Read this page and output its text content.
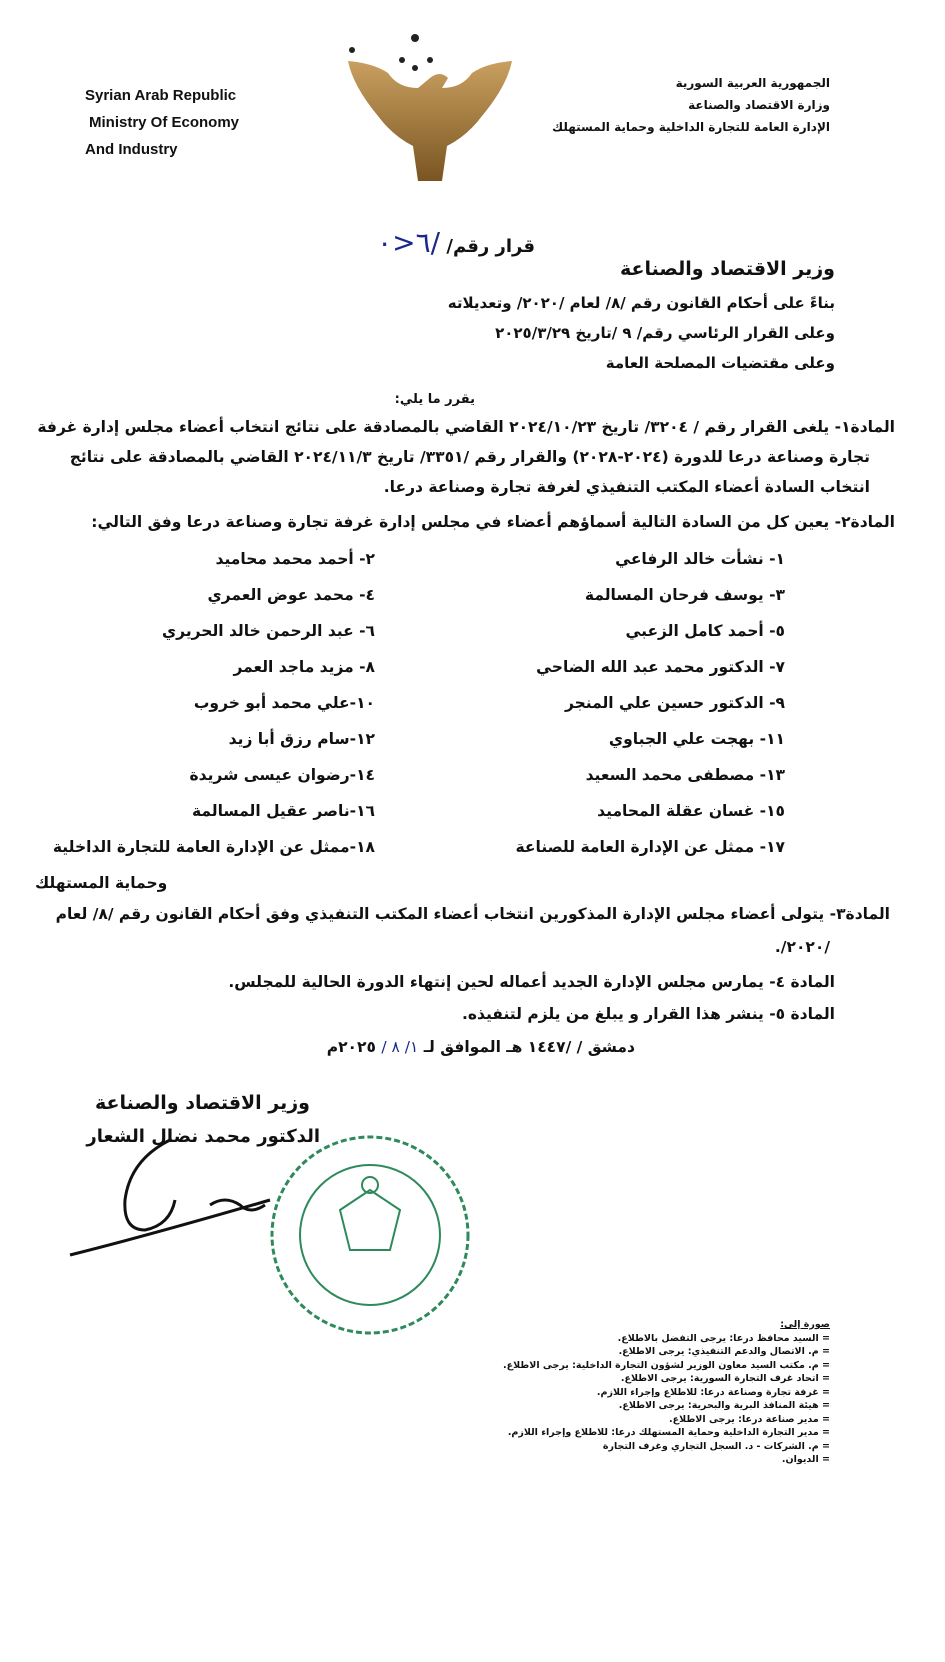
Syrian Arab Republic
Ministry Of Economy
And Industry
الجمهورية العربية السورية
وزارة الاقتصاد والصناعة
الإدارة العامة للتجارة الداخلية وحماية المستهلك
قرار رقم/ /٦<٠
وزير الاقتصاد والصناعة
بناءً على أحكام القانون رقم /٨/ لعام /٢٠٢٠/ وتعديلاته
وعلى القرار الرئاسي رقم/ ٩ /تاريخ ٢٠٢٥/٣/٢٩
وعلى مقتضيات المصلحة العامة
يقرر ما يلي:
المادة١- يلغى القرار رقم / ٣٢٠٤/ تاريخ ٢٠٢٤/١٠/٢٣ القاضي بالمصادقة على نتائج انتخاب أعضاء مجلس إدارة غرفة
تجارة وصناعة درعا للدورة (٢٠٢٤-٢٠٢٨) والقرار رقم /٣٣٥١/ تاريخ ٢٠٢٤/١١/٣ القاضي بالمصادقة على نتائج
انتخاب السادة أعضاء المكتب التنفيذي لغرفة تجارة وصناعة درعا.
المادة٢- يعين كل من السادة التالية أسماؤهم أعضاء في مجلس إدارة غرفة تجارة وصناعة درعا وفق التالي:
١- نشأت خالد الرفاعي
٣- يوسف فرحان المسالمة
٥- أحمد كامل الزعبي
٧- الدكتور محمد عبد الله الضاحي
٩- الدكتور حسين علي المنجر
١١- بهجت علي الجباوي
١٣- مصطفى محمد السعيد
١٥- غسان عقلة المحاميد
١٧- ممثل عن الإدارة العامة للصناعة
٢- أحمد محمد محاميد
٤- محمد عوض العمري
٦- عبد الرحمن خالد الحريري
٨- مزيد ماجد العمر
١٠-علي محمد أبو خروب
١٢-سام رزق أبا زيد
١٤-رضوان عيسى شريدة
١٦-ناصر عقيل المسالمة
١٨-ممثل عن الإدارة العامة للتجارة الداخلية
وحماية المستهلك
المادة٣- يتولى أعضاء مجلس الإدارة المذكورين انتخاب أعضاء المكتب التنفيذي وفق أحكام القانون رقم /٨/ لعام
/٢٠٢٠/.
المادة ٤- يمارس مجلس الإدارة الجديد أعماله لحين إنتهاء الدورة الحالية للمجلس.
المادة ٥- ينشر هذا القرار و يبلغ من يلزم لتنفيذه.
دمشق / /١٤٤٧ هـ الموافق لـ ١/ ٨ / ٢٠٢٥م
وزير الاقتصاد والصناعة
الدكتور محمد نضال الشعار
صورة إلى:
= السيد محافظ درعا: يرجى التفضل بالاطلاع.
= م. الاتصال والدعم التنفيذي: يرجى الاطلاع.
= م. مكتب السيد معاون الوزير لشؤون التجارة الداخلية: يرجى الاطلاع.
= اتحاد غرف التجارة السورية: يرجى الاطلاع.
= غرفة تجارة وصناعة درعا: للاطلاع وإجراء اللازم.
= هيئة المنافذ البرية والبحرية: يرجى الاطلاع.
= مدير صناعة درعا: يرجى الاطلاع.
= مدير التجارة الداخلية وحماية المستهلك درعا: للاطلاع وإجراء اللازم.
= م. الشركات - د. السجل التجاري وغرف التجارة
= الديوان.
